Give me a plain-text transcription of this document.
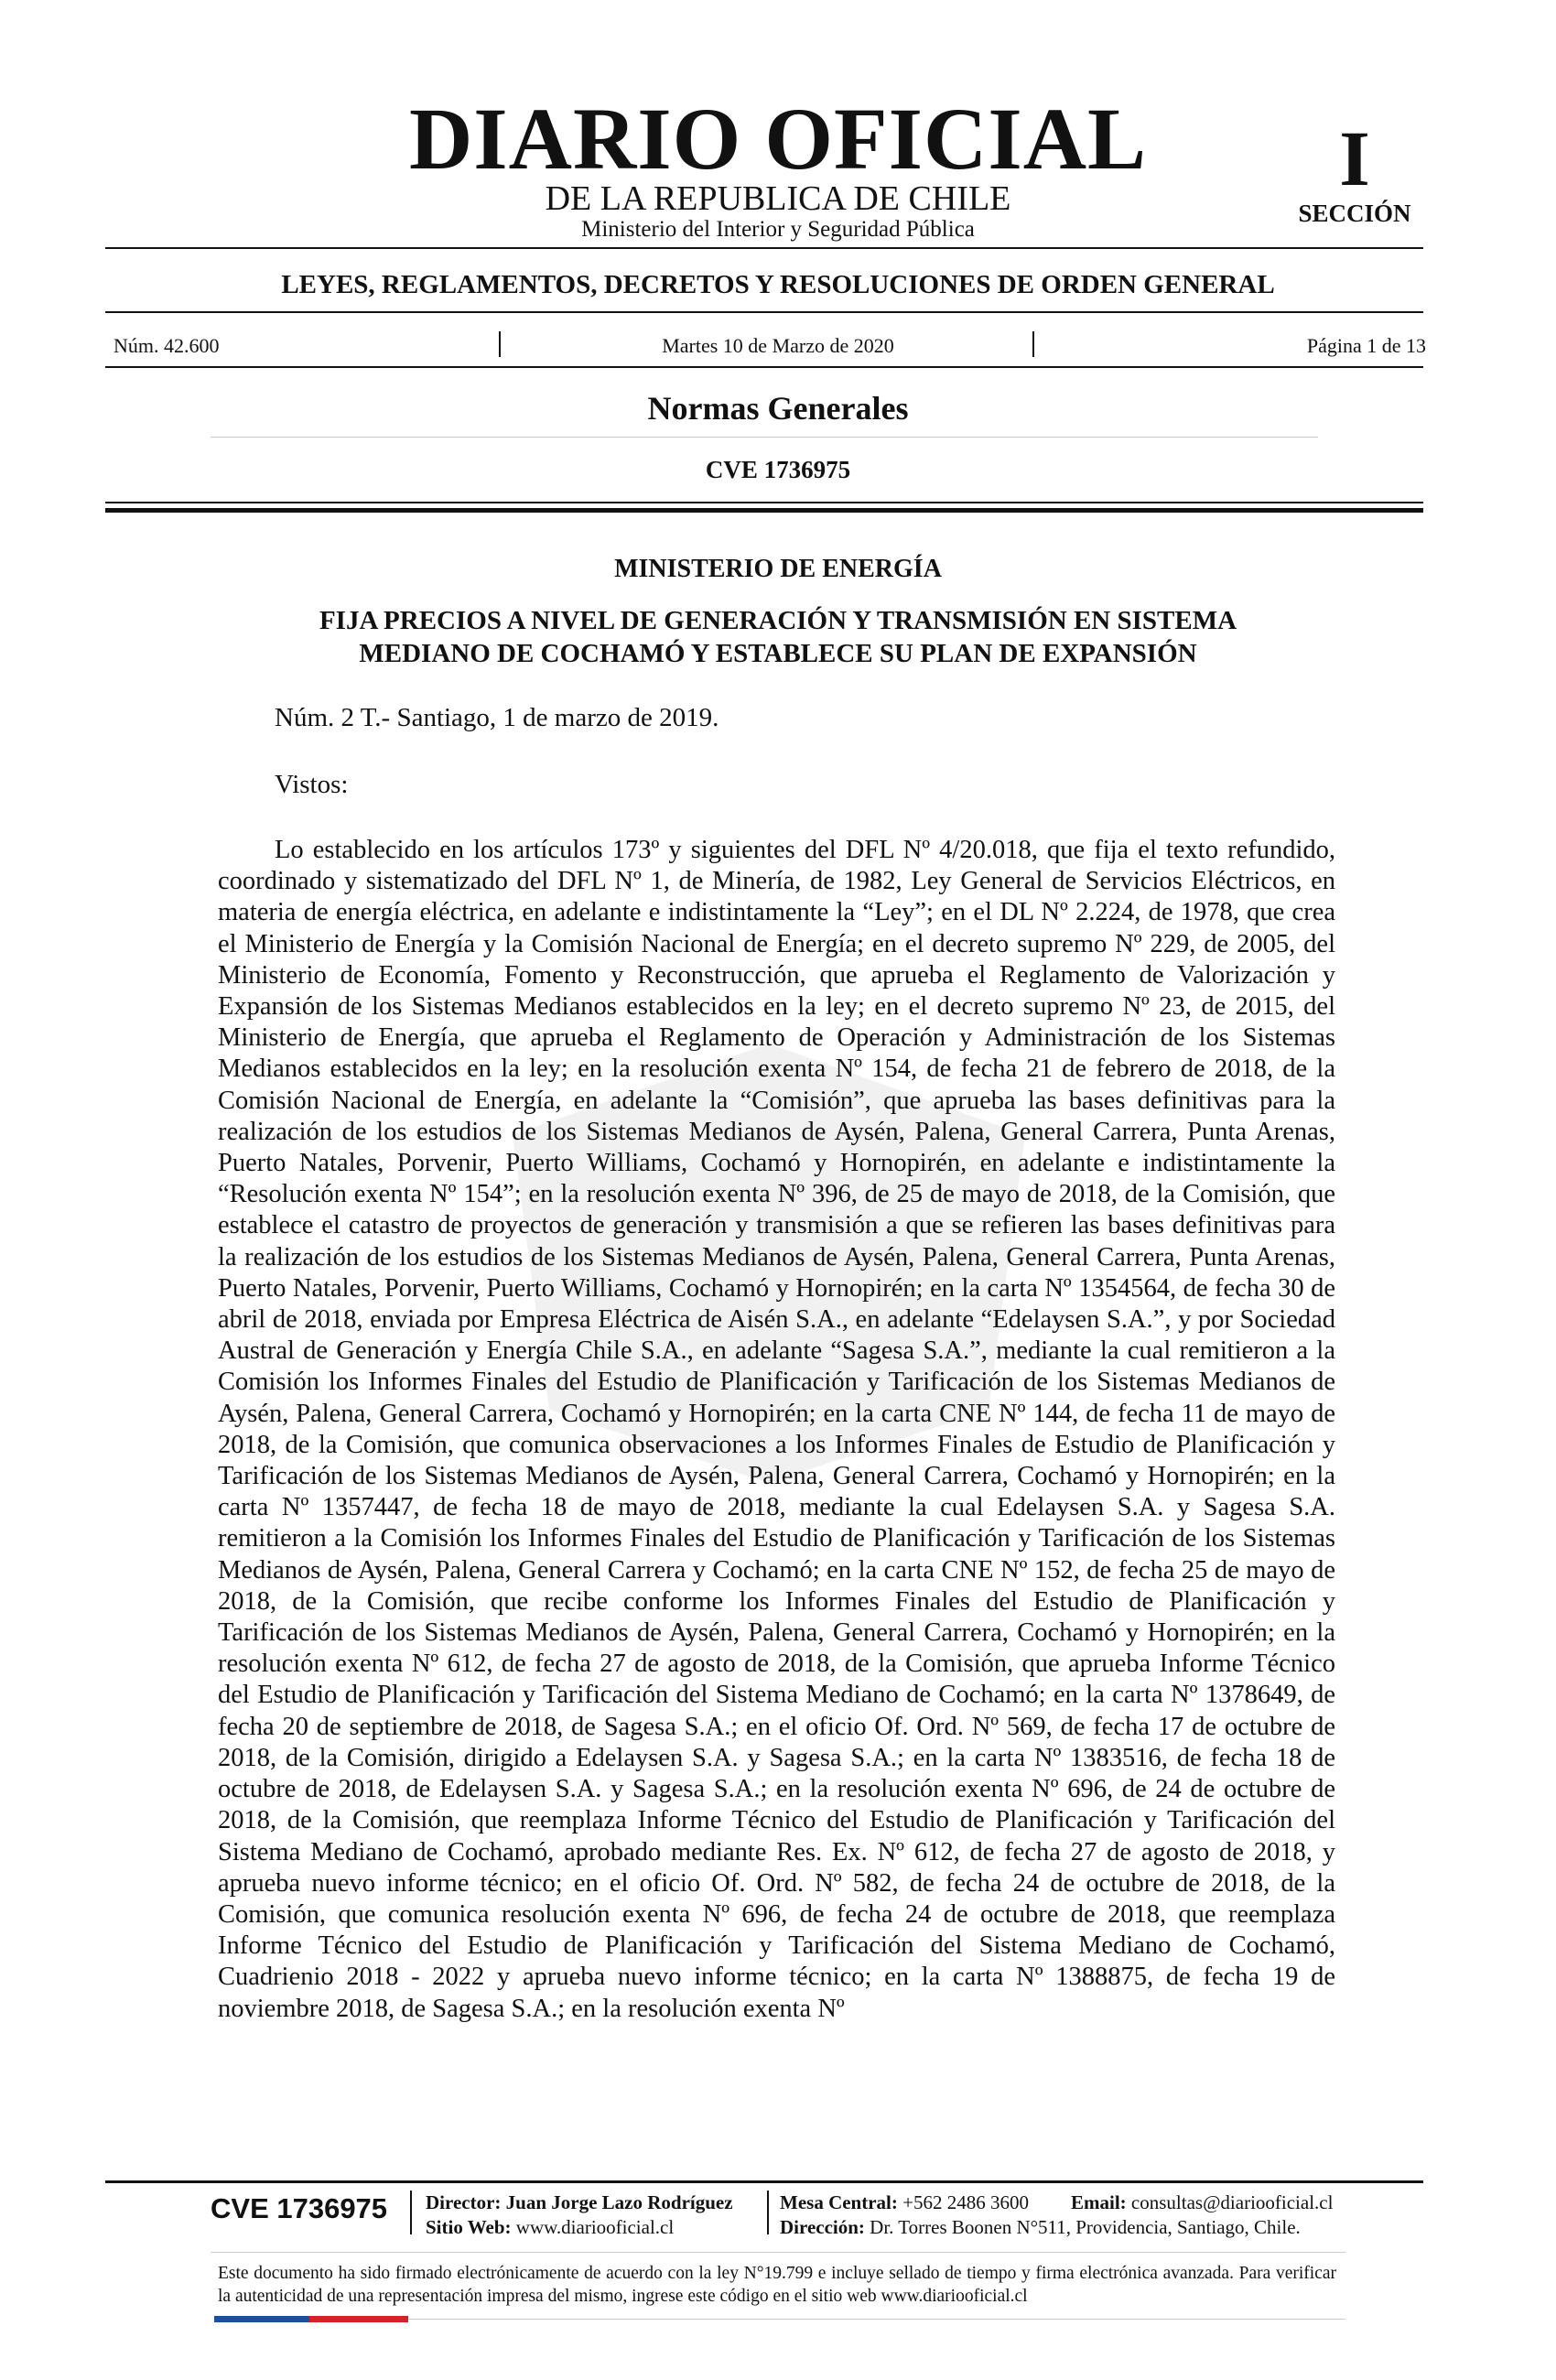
DIARIO OFICIAL
DE LA REPUBLICA DE CHILE
Ministerio del Interior y Seguridad Pública
I
SECCIÓN
LEYES, REGLAMENTOS, DECRETOS Y RESOLUCIONES DE ORDEN GENERAL
Núm. 42.600	Martes 10 de Marzo de 2020	Página 1 de 13
Normas Generales
CVE 1736975
MINISTERIO DE ENERGÍA
FIJA PRECIOS A NIVEL DE GENERACIÓN Y TRANSMISIÓN EN SISTEMA
MEDIANO DE COCHAMÓ Y ESTABLECE SU PLAN DE EXPANSIÓN
Núm. 2 T.- Santiago, 1 de marzo de 2019.
Vistos:

Lo establecido en los artículos 173º y siguientes del DFL Nº 4/20.018, que fija el texto refundido, coordinado y sistematizado del DFL Nº 1, de Minería, de 1982, Ley General de Servicios Eléctricos, en materia de energía eléctrica, en adelante e indistintamente la “Ley”; en el DL Nº 2.224, de 1978, que crea el Ministerio de Energía y la Comisión Nacional de Energía; en el decreto supremo Nº 229, de 2005, del Ministerio de Economía, Fomento y Reconstrucción, que aprueba el Reglamento de Valorización y Expansión de los Sistemas Medianos establecidos en la ley; en el decreto supremo Nº 23, de 2015, del Ministerio de Energía, que aprueba el Reglamento de Operación y Administración de los Sistemas Medianos establecidos en la ley; en la resolución exenta Nº 154, de fecha 21 de febrero de 2018, de la Comisión Nacional de Energía, en adelante la “Comisión”, que aprueba las bases definitivas para la realización de los estudios de los Sistemas Medianos de Aysén, Palena, General Carrera, Punta Arenas, Puerto Natales, Porvenir, Puerto Williams, Cochamó y Hornopirén, en adelante e indistintamente la “Resolución exenta Nº 154”; en la resolución exenta Nº 396, de 25 de mayo de 2018, de la Comisión, que establece el catastro de proyectos de generación y transmisión a que se refieren las bases definitivas para la realización de los estudios de los Sistemas Medianos de Aysén, Palena, General Carrera, Punta Arenas, Puerto Natales, Porvenir, Puerto Williams, Cochamó y Hornopirén; en la carta Nº 1354564, de fecha 30 de abril de 2018, enviada por Empresa Eléctrica de Aisén S.A., en adelante “Edelaysen S.A.”, y por Sociedad Austral de Generación y Energía Chile S.A., en adelante “Sagesa S.A.”, mediante la cual remitieron a la Comisión los Informes Finales del Estudio de Planificación y Tarificación de los Sistemas Medianos de Aysén, Palena, General Carrera, Cochamó y Hornopirén; en la carta CNE Nº 144, de fecha 11 de mayo de 2018, de la Comisión, que comunica observaciones a los Informes Finales de Estudio de Planificación y Tarificación de los Sistemas Medianos de Aysén, Palena, General Carrera, Cochamó y Hornopirén; en la carta Nº 1357447, de fecha 18 de mayo de 2018, mediante la cual Edelaysen S.A. y Sagesa S.A. remitieron a la Comisión los Informes Finales del Estudio de Planificación y Tarificación de los Sistemas Medianos de Aysén, Palena, General Carrera y Cochamó; en la carta CNE Nº 152, de fecha 25 de mayo de 2018, de la Comisión, que recibe conforme los Informes Finales del Estudio de Planificación y Tarificación de los Sistemas Medianos de Aysén, Palena, General Carrera, Cochamó y Hornopirén; en la resolución exenta Nº 612, de fecha 27 de agosto de 2018, de la Comisión, que aprueba Informe Técnico del Estudio de Planificación y Tarificación del Sistema Mediano de Cochamó; en la carta Nº 1378649, de fecha 20 de septiembre de 2018, de Sagesa S.A.; en el oficio Of. Ord. Nº 569, de fecha 17 de octubre de 2018, de la Comisión, dirigido a Edelaysen S.A. y Sagesa S.A.; en la carta Nº 1383516, de fecha 18 de octubre de 2018, de Edelaysen S.A. y Sagesa S.A.; en la resolución exenta Nº 696, de 24 de octubre de 2018, de la Comisión, que reemplaza Informe Técnico del Estudio de Planificación y Tarificación del Sistema Mediano de Cochamó, aprobado mediante Res. Ex. Nº 612, de fecha 27 de agosto de 2018, y aprueba nuevo informe técnico; en el oficio Of. Ord. Nº 582, de fecha 24 de octubre de 2018, de la Comisión, que comunica resolución exenta Nº 696, de fecha 24 de octubre de 2018, que reemplaza Informe Técnico del Estudio de Planificación y Tarificación del Sistema Mediano de Cochamó, Cuadrienio 2018 - 2022 y aprueba nuevo informe técnico; en la carta Nº 1388875, de fecha 19 de noviembre 2018, de Sagesa S.A.; en la resolución exenta Nº

CVE 1736975 Director: Juan Jorge Lazo Rodríguez
Sitio Web: www.diariooficial.cl
Mesa Central: +562 2486 3600 Email: consultas@diariooficial.cl
Dirección: Dr. Torres Boonen N°511, Providencia, Santiago, Chile.
Este documento ha sido firmado electrónicamente de acuerdo con la ley N°19.799 e incluye sellado de tiempo y firma electrónica avanzada. Para verificar la autenticidad de una representación impresa del mismo, ingrese este código en el sitio web www.diariooficial.cl
